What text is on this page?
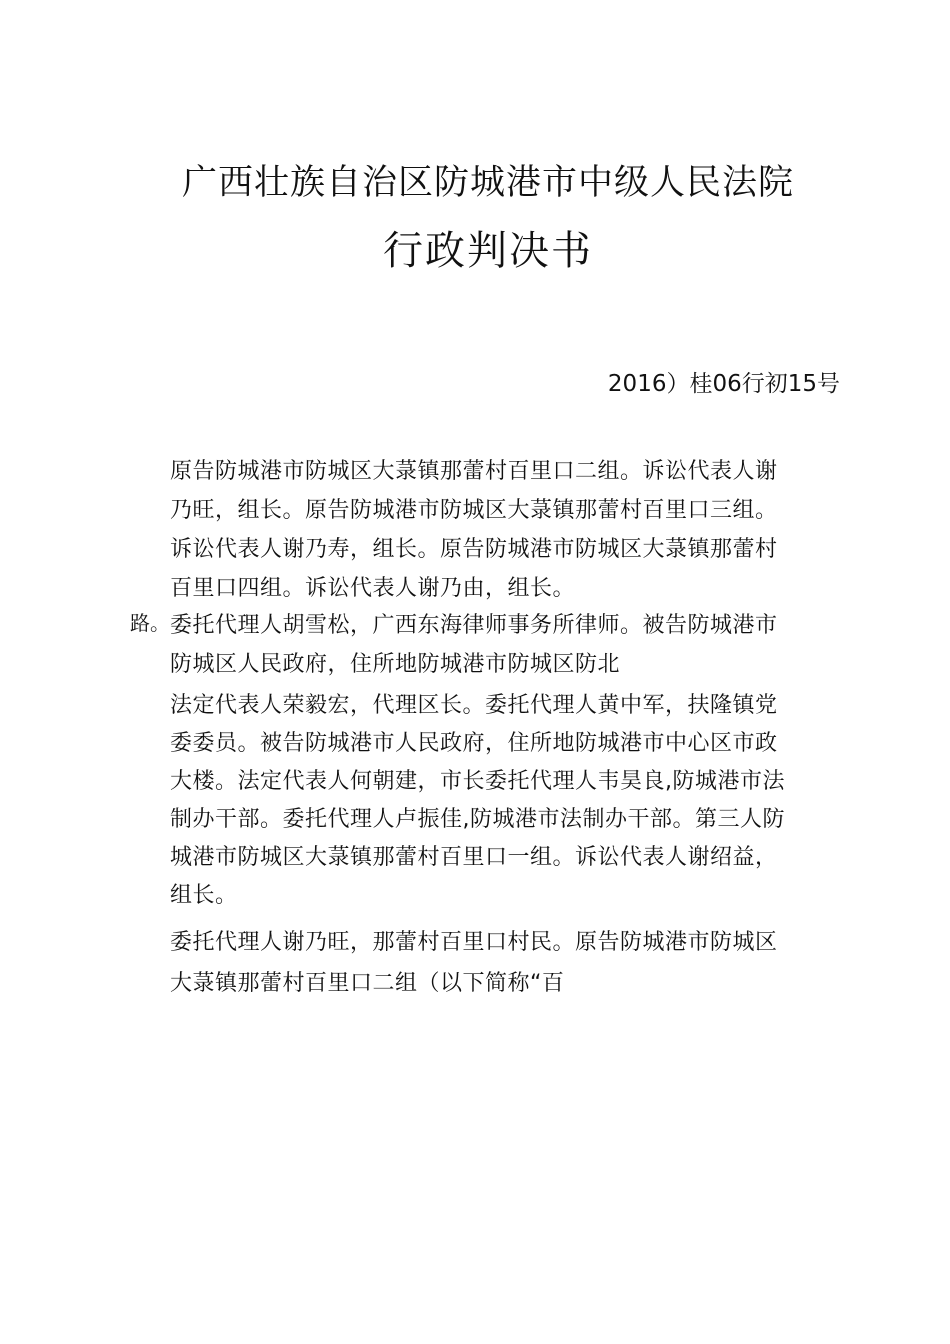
广西壮族自治区防城港市中级人民法院
行政判决书
2016）桂06行初15号
路。
原告防城港市防城区大菉镇那蕾村百里口二组。诉讼代表人谢
乃旺，组长。原告防城港市防城区大菉镇那蕾村百里口三组。
诉讼代表人谢乃寿，组长。原告防城港市防城区大菉镇那蕾村
百里口四组。诉讼代表人谢乃由，组长。
委托代理人胡雪松，广西东海律师事务所律师。被告防城港市
防城区人民政府，住所地防城港市防城区防北
法定代表人荣毅宏，代理区长。委托代理人黄中军，扶隆镇党
委委员。被告防城港市人民政府，住所地防城港市中心区市政
大楼。法定代表人何朝建，市长委托代理人韦昊良,防城港市法
制办干部。委托代理人卢振佳,防城港市法制办干部。第三人防
城港市防城区大菉镇那蕾村百里口一组。诉讼代表人谢绍益，
组长。
委托代理人谢乃旺，那蕾村百里口村民。原告防城港市防城区
大菉镇那蕾村百里口二组（以下简称“百
